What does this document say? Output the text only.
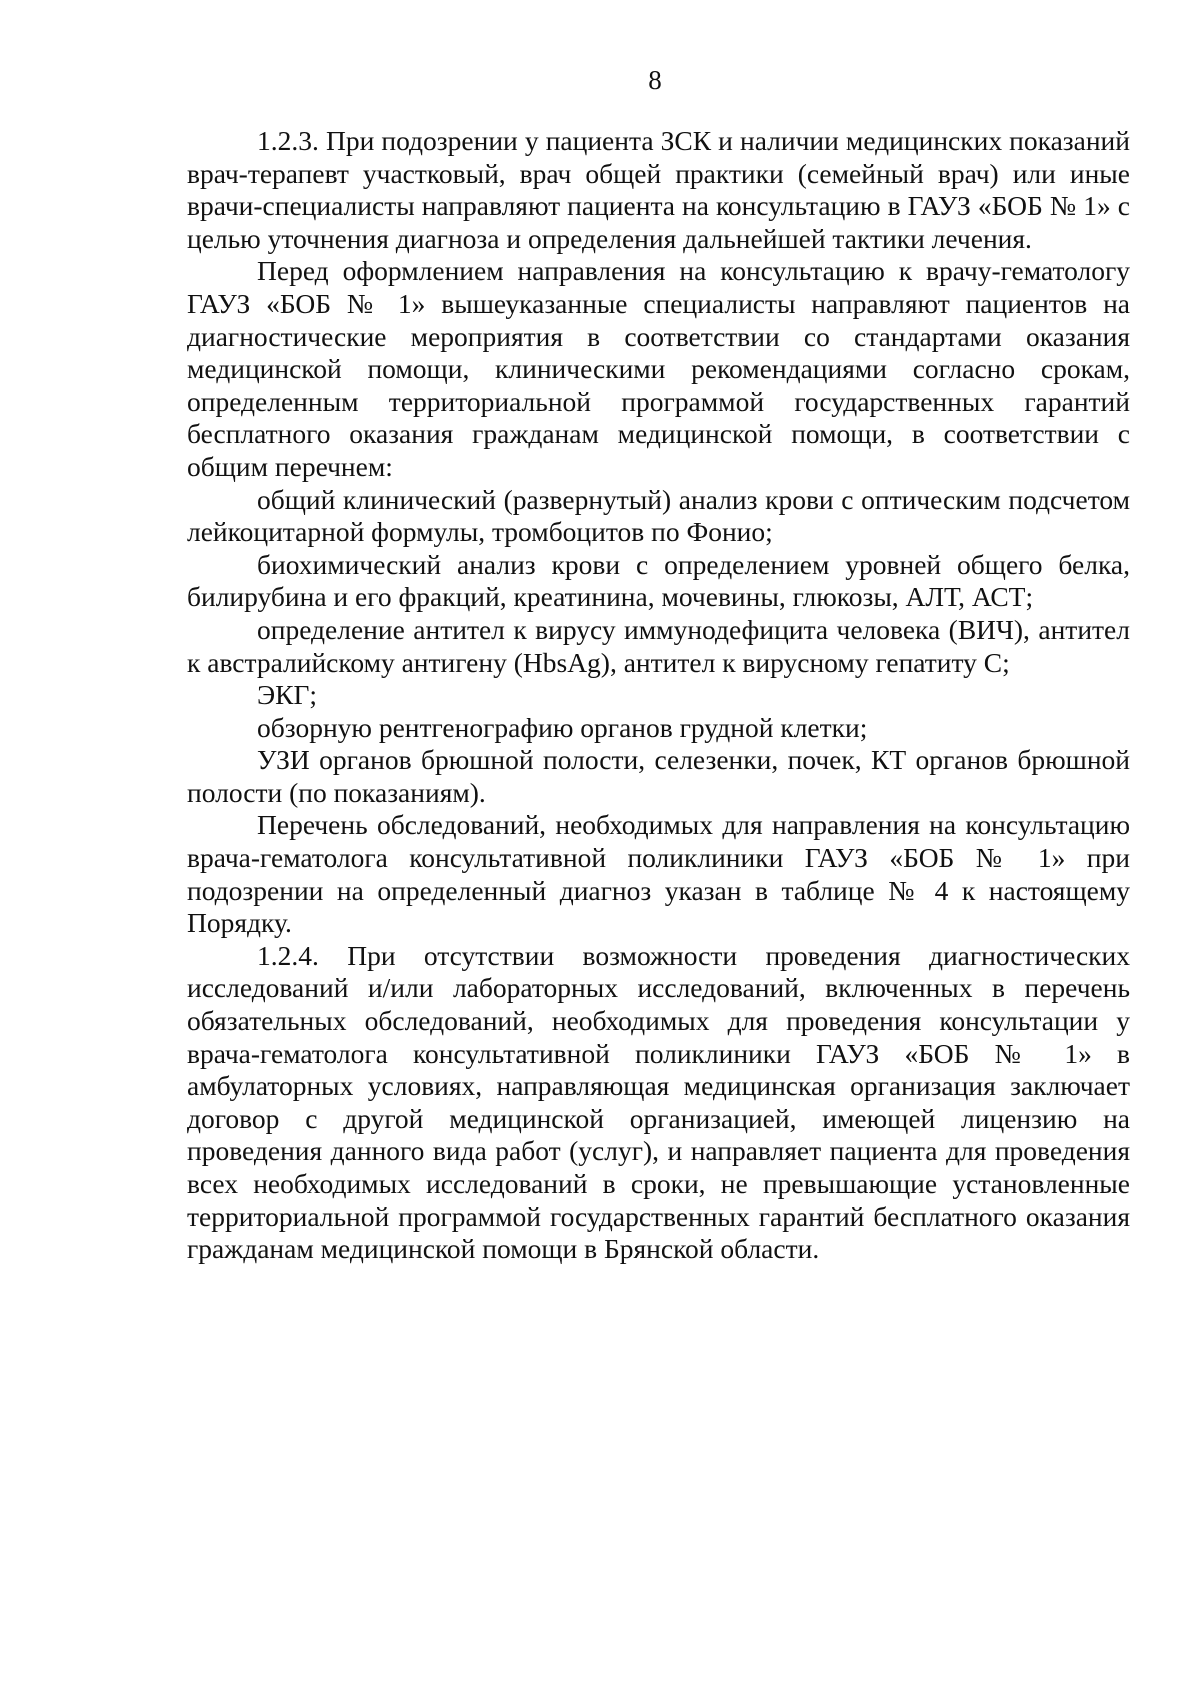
8

1.2.3. При подозрении у пациента ЗСК и наличии медицинских показаний врач-терапевт участковый, врач общей практики (семейный врач) или иные врачи-специалисты направляют пациента на консультацию в ГАУЗ «БОБ № 1» с целью уточнения диагноза и определения дальнейшей тактики лечения.

Перед оформлением направления на консультацию к врачу-гематологу ГАУЗ «БОБ № 1» вышеуказанные специалисты направляют пациентов на диагностические мероприятия в соответствии со стандартами оказания медицинской помощи, клиническими рекомендациями согласно срокам, определенным территориальной программой государственных гарантий бесплатного оказания гражданам медицинской помощи, в соответствии с общим перечнем:

общий клинический (развернутый) анализ крови с оптическим подсчетом лейкоцитарной формулы, тромбоцитов по Фонио;

биохимический анализ крови с определением уровней общего белка, билирубина и его фракций, креатинина, мочевины, глюкозы, АЛТ, АСТ;

определение антител к вирусу иммунодефицита человека (ВИЧ), антител к австралийскому антигену (HbsAg), антител к вирусному гепатиту С;

ЭКГ;

обзорную рентгенографию органов грудной клетки;

УЗИ органов брюшной полости, селезенки, почек, КТ органов брюшной полости (по показаниям).

Перечень обследований, необходимых для направления на консультацию врача-гематолога консультативной поликлиники ГАУЗ «БОБ № 1» при подозрении на определенный диагноз указан в таблице № 4 к настоящему Порядку.

1.2.4. При отсутствии возможности проведения диагностических исследований и/или лабораторных исследований, включенных в перечень обязательных обследований, необходимых для проведения консультации у врача-гематолога консультативной поликлиники ГАУЗ «БОБ № 1» в амбулаторных условиях, направляющая медицинская организация заключает договор с другой медицинской организацией, имеющей лицензию на проведения данного вида работ (услуг), и направляет пациента для проведения всех необходимых исследований в сроки, не превышающие установленные территориальной программой государственных гарантий бесплатного оказания гражданам медицинской помощи в Брянской области.
